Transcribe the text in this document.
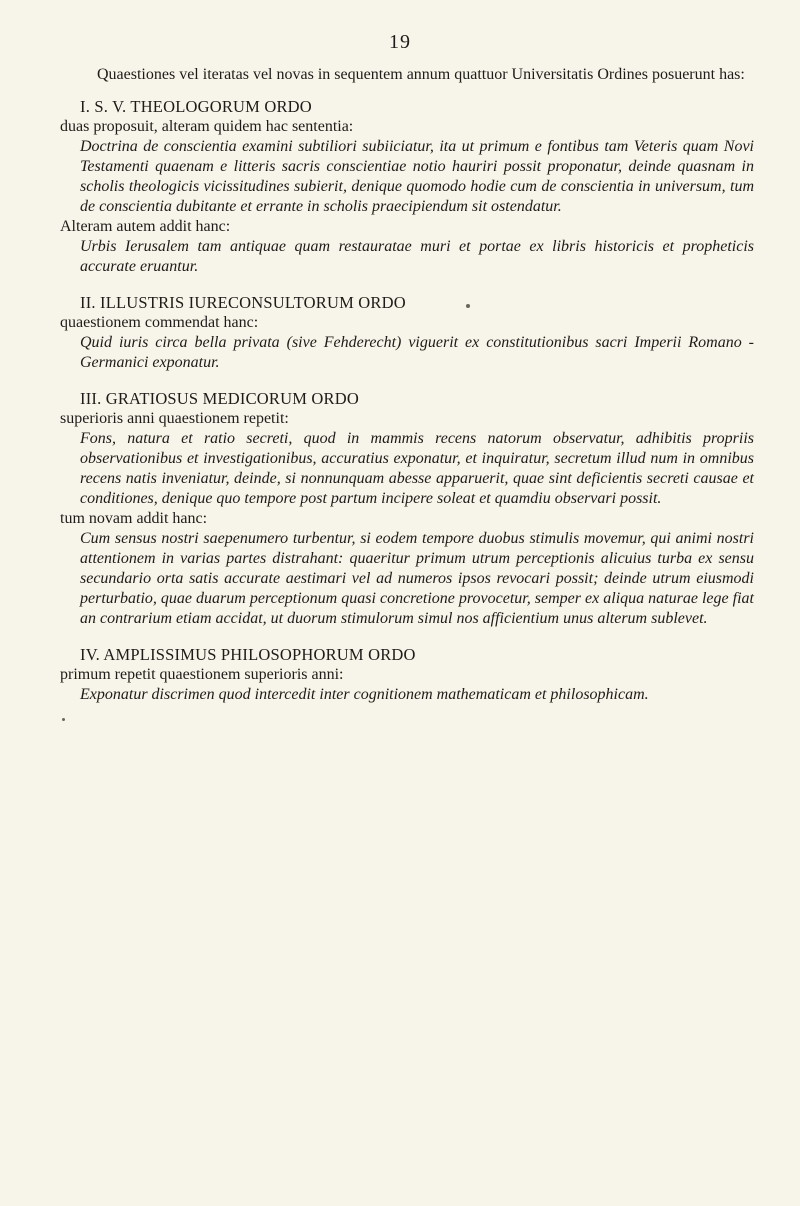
19

Quaestiones vel iteratas vel novas in sequentem annum quattuor Universitatis Ordines posuerunt has:

I. S. V. THEOLOGORUM ORDO

duas proposuit, alteram quidem hac sententia:

Doctrina de conscientia examini subtiliori subiiciatur, ita ut primum e fontibus tam Veteris quam Novi Testamenti quaenam e litteris sacris conscientiae notio hauriri possit proponatur, deinde quasnam in scholis theologicis vicissitudines subierit, denique quomodo hodie cum de conscientia in universum, tum de conscientia dubitante et errante in scholis praecipiendum sit ostendatur.

Alteram autem addit hanc:

Urbis Ierusalem tam antiquae quam restauratae muri et portae ex libris historicis et propheticis accurate eruantur.

II. ILLUSTRIS IURECONSULTORUM ORDO

quaestionem commendat hanc:

Quid iuris circa bella privata (sive Fehderecht) viguerit ex constitutionibus sacri Imperii Romano - Germanici exponatur.

III. GRATIOSUS MEDICORUM ORDO

superioris anni quaestionem repetit:

Fons, natura et ratio secreti, quod in mammis recens natorum observatur, adhibitis propriis observationibus et investigationibus, accuratius exponatur, et inquiratur, secretum illud num in omnibus recens natis inveniatur, deinde, si nonnunquam abesse apparuerit, quae sint deficientis secreti causae et conditiones, denique quo tempore post partum incipere soleat et quamdiu observari possit.

tum novam addit hanc:

Cum sensus nostri saepenumero turbentur, si eodem tempore duobus stimulis movemur, qui animi nostri attentionem in varias partes distrahant: quaeritur primum utrum perceptionis alicuius turba ex sensu secundario orta satis accurate aestimari vel ad numeros ipsos revocari possit; deinde utrum eiusmodi perturbatio, quae duarum perceptionum quasi concretione provocetur, semper ex aliqua naturae lege fiat an contrarium etiam accidat, ut duorum stimulorum simul nos afficientium unus alterum sublevet.

IV. AMPLISSIMUS PHILOSOPHORUM ORDO

primum repetit quaestionem superioris anni:

Exponatur discrimen quod intercedit inter cognitionem mathematicam et philosophicam.
